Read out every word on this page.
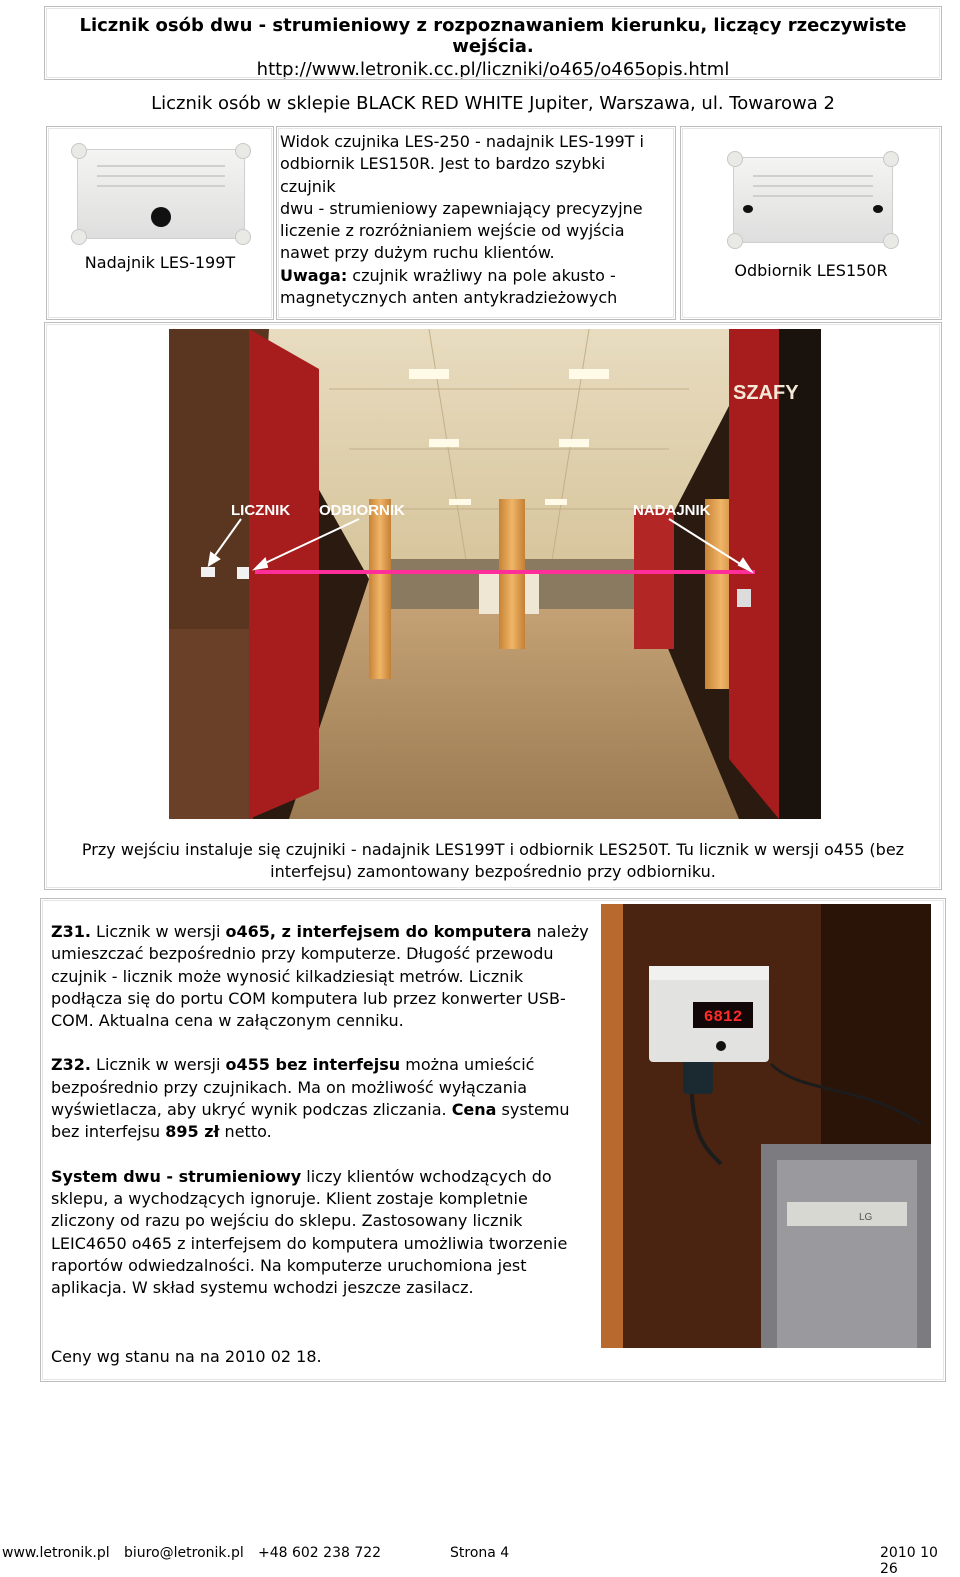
Licznik osób dwu - strumieniowy z rozpoznawaniem kierunku, liczący rzeczywiste wejścia.
http://www.letronik.cc.pl/liczniki/o465/o465opis.html
Licznik osób w sklepie BLACK RED WHITE Jupiter, Warszawa, ul. Towarowa 2
Nadajnik LES-199T
Widok czujnika LES-250 - nadajnik LES-199T i odbiornik LES150R. Jest to bardzo szybki czujnik
dwu - strumieniowy zapewniający precyzyjne liczenie z rozróżnianiem wejście od wyjścia nawet przy dużym ruchu klientów.
Uwaga: czujnik wrażliwy na pole akusto - magnetycznych anten antykradzieżowych
Odbiornik LES150R
SZAFY
LICZNIK ODBIORNIK	NADAJNIK
Przy wejściu instaluje się czujniki - nadajnik LES199T i odbiornik LES250T. Tu licznik w wersji o455 (bez interfejsu) zamontowany bezpośrednio przy odbiorniku.

Z31. Licznik w wersji o465, z interfejsem do komputera należy umieszczać bezpośrednio przy komputerze. Długość przewodu czujnik - licznik może wynosić kilkadziesiąt metrów. Licznik podłącza się do portu COM komputera lub przez konwerter USB-COM. Aktualna cena w załączonym cenniku.

Z32. Licznik w wersji o455 bez interfejsu można umieścić bezpośrednio przy czujnikach. Ma on możliwość wyłączania wyświetlacza, aby ukryć wynik podczas zliczania. Cena systemu bez interfejsu 895 zł netto.

System dwu - strumieniowy liczy klientów wchodzących do sklepu, a wychodzących ignoruje. Klient zostaje kompletnie zliczony od razu po wejściu do sklepu. Zastosowany licznik LEIC4650 o465 z interfejsem do komputera umożliwia tworzenie raportów odwiedzalności. Na komputerze uruchomiona jest aplikacja. W skład systemu wchodzi jeszcze zasilacz.

LG
6812
Ceny wg stanu na na 2010 02 18.
www.letronik.pl biuro@letronik.pl +48 602 238 722	Strona 4	2010 10 26
